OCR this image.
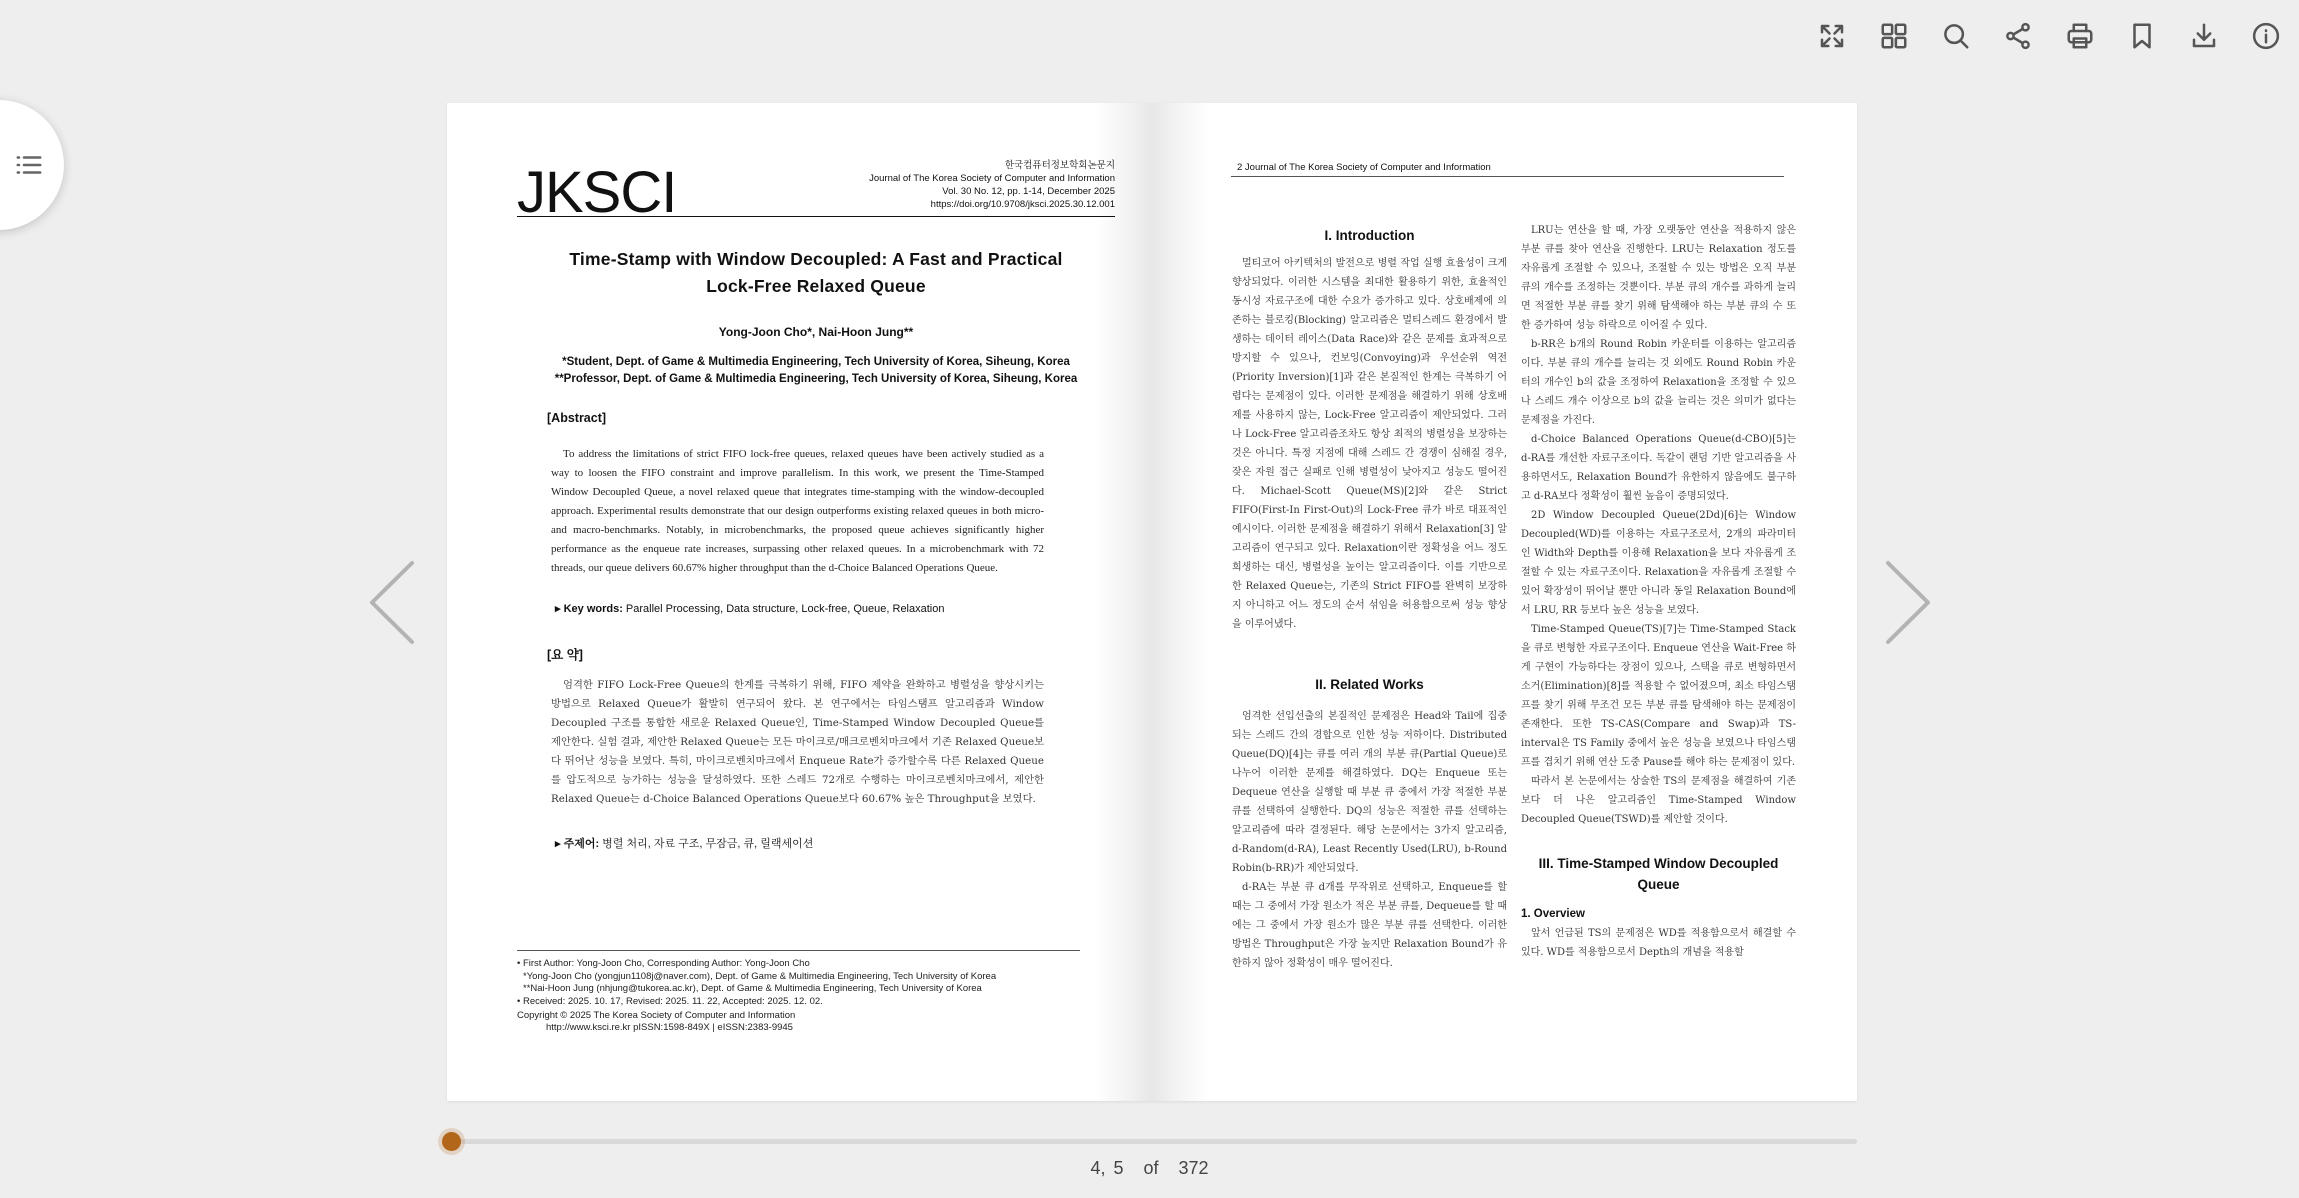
JKSCI	한국컴퓨터정보학회논문지
Journal of The Korea Society of Computer and Information
Vol. 30 No. 12, pp. 1-14, December 2025
https://doi.org/10.9708/jksci.2025.30.12.001
Time-Stamp with Window Decoupled: A Fast and Practical
Lock-Free Relaxed Queue
Yong-Joon Cho*, Nai-Hoon Jung**
*Student, Dept. of Game & Multimedia Engineering, Tech University of Korea, Siheung, Korea
**Professor, Dept. of Game & Multimedia Engineering, Tech University of Korea, Siheung, Korea
[Abstract]
To address the limitations of strict FIFO lock-free queues, relaxed queues have been actively studied as a way to loosen the FIFO constraint and improve parallelism. In this work, we present the Time-Stamped Window Decoupled Queue, a novel relaxed queue that integrates time-stamping with the window-decoupled approach. Experimental results demonstrate that our design outperforms existing relaxed queues in both micro- and macro-benchmarks. Notably, in microbenchmarks, the proposed queue achieves significantly higher performance as the enqueue rate increases, surpassing other relaxed queues. In a microbenchmark with 72 threads, our queue delivers 60.67% higher throughput than the d-Choice Balanced Operations Queue.
▸ Key words: Parallel Processing, Data structure, Lock-free, Queue, Relaxation
[요 약]
엄격한 FIFO Lock-Free Queue의 한계를 극복하기 위해, FIFO 제약을 완화하고 병렬성을 향상시키는 방법으로 Relaxed Queue가 활발히 연구되어 왔다. 본 연구에서는 타임스탬프 알고리즘과 Window Decoupled 구조를 통합한 새로운 Relaxed Queue인, Time-Stamped Window Decoupled Queue를 제안한다. 실험 결과, 제안한 Relaxed Queue는 모든 마이크로/매크로벤치마크에서 기존 Relaxed Queue보다 뛰어난 성능을 보였다. 특히, 마이크로벤치마크에서 Enqueue Rate가 증가할수록 다른 Relaxed Queue를 압도적으로 능가하는 성능을 달성하였다. 또한 스레드 72개로 수행하는 마이크로벤치마크에서, 제안한 Relaxed Queue는 d-Choice Balanced Operations Queue보다 60.67% 높은 Throughput을 보였다.
▸ 주제어: 병렬 처리, 자료 구조, 무잠금, 큐, 릴랙세이션
• First Author: Yong-Joon Cho, Corresponding Author: Yong-Joon Cho
*Yong-Joon Cho (yongjun1108j@naver.com), Dept. of Game & Multimedia Engineering, Tech University of Korea
**Nai-Hoon Jung (nhjung@tukorea.ac.kr), Dept. of Game & Multimedia Engineering, Tech University of Korea
• Received: 2025. 10. 17, Revised: 2025. 11. 22, Accepted: 2025. 12. 02.
Copyright © 2025 The Korea Society of Computer and Information
http://www.ksci.re.kr pISSN:1598-849X | eISSN:2383-9945
2 Journal of The Korea Society of Computer and Information
I. Introduction
멀티코어 아키텍처의 발전으로 병렬 작업 실행 효율성이 크게 향상되었다. 이러한 시스템을 최대한 활용하기 위한, 효율적인 동시성 자료구조에 대한 수요가 증가하고 있다. 상호배제에 의존하는 블로킹(Blocking) 알고리즘은 멀티스레드 환경에서 발생하는 데이터 레이스(Data Race)와 같은 문제를 효과적으로 방지할 수 있으나, 컨보잉(Convoying)과 우선순위 역전(Priority Inversion)[1]과 같은 본질적인 한계는 극복하기 어렵다는 문제점이 있다. 이러한 문제점을 해결하기 위해 상호배제를 사용하지 않는, Lock-Free 알고리즘이 제안되었다. 그러나 Lock-Free 알고리즘조차도 항상 최적의 병렬성을 보장하는 것은 아니다. 특정 지점에 대해 스레드 간 경쟁이 심해질 경우, 잦은 자원 접근 실패로 인해 병렬성이 낮아지고 성능도 떨어진다. Michael-Scott Queue(MS)[2]와 같은 Strict FIFO(First-In First-Out)의 Lock-Free 큐가 바로 대표적인 예시이다. 이러한 문제점을 해결하기 위해서 Relaxation[3] 알고리즘이 연구되고 있다. Relaxation이란 정확성을 어느 정도 희생하는 대신, 병렬성을 높이는 알고리즘이다. 이를 기반으로 한 Relaxed Queue는, 기존의 Strict FIFO를 완벽히 보장하지 아니하고 어느 정도의 순서 섞임을 허용함으로써 성능 향상을 이루어냈다.
II. Related Works
엄격한 선입선출의 본질적인 문제점은 Head와 Tail에 집중되는 스레드 간의 경합으로 인한 성능 저하이다. Distributed Queue(DQ)[4]는 큐를 여러 개의 부분 큐(Partial Queue)로 나누어 이러한 문제를 해결하였다. DQ는 Enqueue 또는 Dequeue 연산을 실행할 때 부분 큐 중에서 가장 적절한 부분 큐를 선택하여 실행한다. DQ의 성능은 적절한 큐를 선택하는 알고리즘에 따라 결정된다. 해당 논문에서는 3가지 알고리즘, d-Random(d-RA), Least Recently Used(LRU), b-Round Robin(b-RR)가 제안되었다.
d-RA는 부분 큐 d개를 무작위로 선택하고, Enqueue를 할 때는 그 중에서 가장 원소가 적은 부분 큐를, Dequeue를 할 때에는 그 중에서 가장 원소가 많은 부분 큐를 선택한다. 이러한 방법은 Throughput은 가장 높지만 Relaxation Bound가 유한하지 않아 정확성이 매우 떨어진다.
LRU는 연산을 할 때, 가장 오랫동안 연산을 적용하지 않은 부분 큐를 찾아 연산을 진행한다. LRU는 Relaxation 정도를 자유롭게 조절할 수 있으나, 조절할 수 있는 방법은 오직 부분 큐의 개수를 조정하는 것뿐이다. 부분 큐의 개수를 과하게 늘리면 적절한 부분 큐를 찾기 위해 탐색해야 하는 부분 큐의 수 또한 증가하여 성능 하락으로 이어질 수 있다.
b-RR은 b개의 Round Robin 카운터를 이용하는 알고리즘이다. 부분 큐의 개수를 늘리는 것 외에도 Round Robin 카운터의 개수인 b의 값을 조정하여 Relaxation을 조정할 수 있으나 스레드 개수 이상으로 b의 값을 늘리는 것은 의미가 없다는 문제점을 가진다.
d-Choice Balanced Operations Queue(d-CBO)[5]는 d-RA를 개선한 자료구조이다. 독같이 랜덤 기반 알고리즘을 사용하면서도, Relaxation Bound가 유한하지 않음에도 불구하고 d-RA보다 정확성이 훨씬 높음이 증명되었다.
2D Window Decoupled Queue(2Dd)[6]는 Window Decoupled(WD)를 이용하는 자료구조로서, 2개의 파라미터인 Width와 Depth를 이용해 Relaxation을 보다 자유롭게 조절할 수 있는 자료구조이다. Relaxation을 자유롭게 조절할 수 있어 확장성이 뛰어날 뿐만 아니라 동일 Relaxation Bound에서 LRU, RR 등보다 높은 성능을 보였다.
Time-Stamped Queue(TS)[7]는 Time-Stamped Stack을 큐로 변형한 자료구조이다. Enqueue 연산을 Wait-Free 하게 구현이 가능하다는 장점이 있으나, 스택을 큐로 변형하면서 소거(Elimination)[8]를 적용할 수 없어졌으며, 최소 타임스탬프를 찾기 위해 무조건 모든 부분 큐를 탐색해야 하는 문제점이 존재한다. 또한 TS-CAS(Compare and Swap)과 TS-interval은 TS Family 중에서 높은 성능을 보였으나 타임스탬프를 겹치기 위해 연산 도중 Pause를 해야 하는 문제점이 있다.
따라서 본 논문에서는 상술한 TS의 문제점을 해결하여 기존보다 더 나은 알고리즘인 Time-Stamped Window Decoupled Queue(TSWD)를 제안할 것이다.
III. Time-Stamped Window Decoupled Queue
1. Overview
앞서 언급된 TS의 문제점은 WD를 적용함으로서 해결할 수 있다. WD를 적용함으로서 Depth의 개념을 적용할
4, 5 of 372
